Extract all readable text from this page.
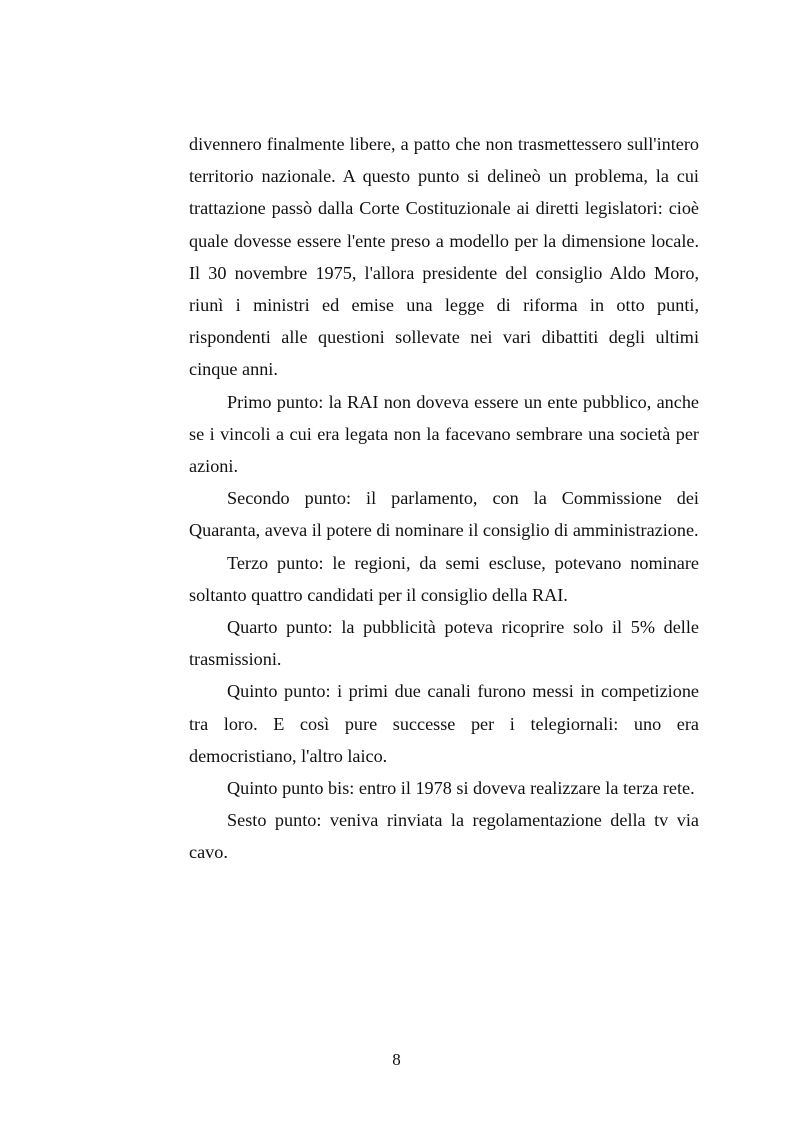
divennero finalmente libere, a patto che non trasmettessero sull'intero territorio nazionale. A questo punto si delineò un problema, la cui trattazione passò dalla Corte Costituzionale ai diretti legislatori: cioè quale dovesse essere l'ente preso a modello per la dimensione locale. Il 30 novembre 1975, l'allora presidente del consiglio Aldo Moro, riunì i ministri ed emise una legge di riforma in otto punti, rispondenti alle questioni sollevate nei vari dibattiti degli ultimi cinque anni.

Primo punto: la RAI non doveva essere un ente pubblico, anche se i vincoli a cui era legata non la facevano sembrare una società per azioni.

Secondo punto: il parlamento, con la Commissione dei Quaranta, aveva il potere di nominare il consiglio di amministrazione.

Terzo punto: le regioni, da semi escluse, potevano nominare soltanto quattro candidati per il consiglio della RAI.

Quarto punto: la pubblicità poteva ricoprire solo il 5% delle trasmissioni.

Quinto punto: i primi due canali furono messi in competizione tra loro. E così pure successe per i telegiornali: uno era democristiano, l'altro laico.

Quinto punto bis: entro il 1978 si doveva realizzare la terza rete.

Sesto punto: veniva rinviata la regolamentazione della tv via cavo.

8
